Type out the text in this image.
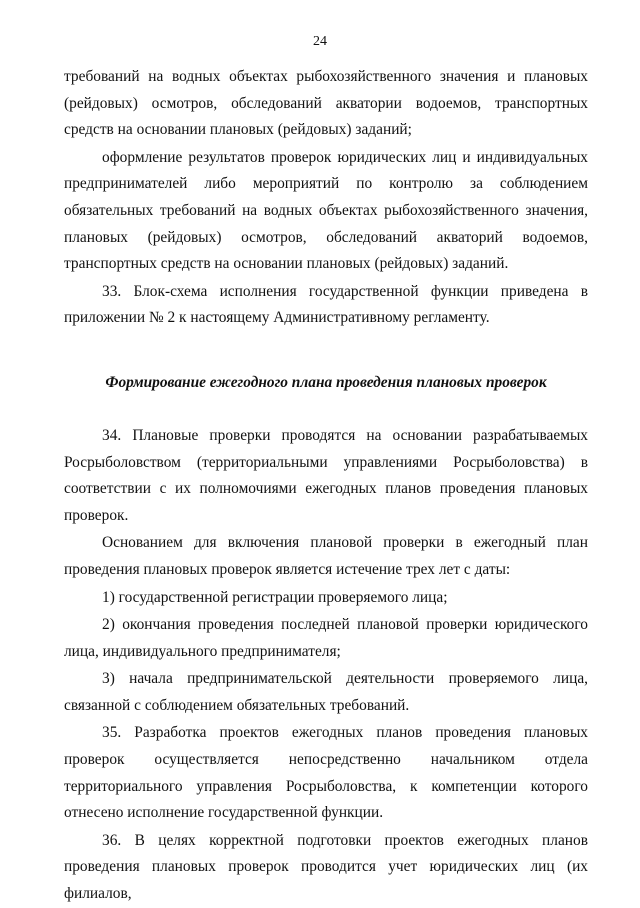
24

требований на водных объектах рыбохозяйственного значения и плановых (рейдовых) осмотров, обследований акватории водоемов, транспортных средств на основании плановых (рейдовых) заданий;

оформление результатов проверок юридических лиц и индивидуальных предпринимателей либо мероприятий по контролю за соблюдением обязательных требований на водных объектах рыбохозяйственного значения, плановых (рейдовых) осмотров, обследований акваторий водоемов, транспортных средств на основании плановых (рейдовых) заданий.

33. Блок-схема исполнения государственной функции приведена в приложении № 2 к настоящему Административному регламенту.

Формирование ежегодного плана проведения плановых проверок

34. Плановые проверки проводятся на основании разрабатываемых Росрыболовством (территориальными управлениями Росрыболовства) в соответствии с их полномочиями ежегодных планов проведения плановых проверок.

Основанием для включения плановой проверки в ежегодный план проведения плановых проверок является истечение трех лет с даты:

1) государственной регистрации проверяемого лица;

2) окончания проведения последней плановой проверки юридического лица, индивидуального предпринимателя;

3) начала предпринимательской деятельности проверяемого лица, связанной с соблюдением обязательных требований.

35. Разработка проектов ежегодных планов проведения плановых проверок осуществляется непосредственно начальником отдела территориального управления Росрыболовства, к компетенции которого отнесено исполнение государственной функции.

36. В целях корректной подготовки проектов ежегодных планов проведения плановых проверок проводится учет юридических лиц (их филиалов,
